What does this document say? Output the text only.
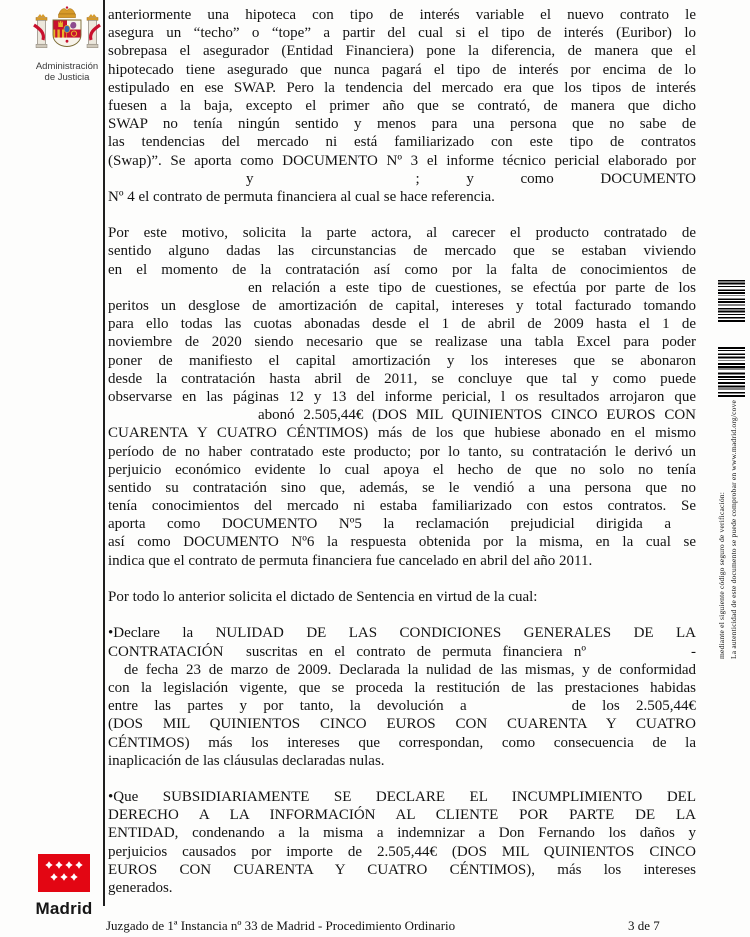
Administración
de Justicia
anteriormente una hipoteca con tipo de interés variable el nuevo contrato le
asegura un “techo” o “tope” a partir del cual si el tipo de interés (Euribor) lo
sobrepasa el asegurador (Entidad Financiera) pone la diferencia, de manera que el
hipotecado tiene asegurado que nunca pagará el tipo de interés por encima de lo
estipulado en ese SWAP. Pero la tendencia del mercado era que los tipos de interés
fuesen a la baja, excepto el primer año que se contrató, de manera que dicho
SWAP no tenía ningún sentido y menos para una persona que no sabe de
las tendencias del mercado ni está familiarizado con este tipo de contratos
(Swap)”. Se aporta como DOCUMENTO Nº 3 el informe técnico pericial elaborado por
y	; y como DOCUMENTO
Nº 4 el contrato de permuta financiera al cual se hace referencia.
Por este motivo, solicita la parte actora, al carecer el producto contratado de
sentido alguno dadas las circunstancias de mercado que se estaban viviendo
en el momento de la contratación así como por la falta de conocimientos de
en relación a este tipo de cuestiones, se efectúa por parte de los
peritos un desglose de amortización de capital, intereses y total facturado tomando
para ello todas las cuotas abonadas desde el 1 de abril de 2009 hasta el 1 de
noviembre de 2020 siendo necesario que se realizase una tabla Excel para poder
poner de manifiesto el capital amortización y los intereses que se abonaron
desde la contratación hasta abril de 2011, se concluye que tal y como puede
observarse en las páginas 12 y 13 del informe pericial, l os resultados arrojaron que
abonó 2.505,44€ (DOS MIL QUINIENTOS CINCO EUROS CON
CUARENTA Y CUATRO CÉNTIMOS) más de los que hubiese abonado en el mismo
período de no haber contratado este producto; por lo tanto, su contratación le derivó un
perjuicio económico evidente lo cual apoya el hecho de que no solo no tenía
sentido su contratación sino que, además, se le vendió a una persona que no
tenía conocimientos del mercado ni estaba familiarizado con estos contratos. Se
aporta como DOCUMENTO Nº5 la reclamación prejudicial dirigida a
así como DOCUMENTO Nº6 la respuesta obtenida por la misma, en la cual se
indica que el contrato de permuta financiera fue cancelado en abril del año 2011.
Por todo lo anterior solicita el dictado de Sentencia en virtud de la cual:
•Declare la NULIDAD DE LAS CONDICIONES GENERALES DE LA
CONTRATACIÓN  suscritas en el contrato de permuta financiera nº	-
de fecha 23 de marzo de 2009. Declarada la nulidad de las mismas, y de conformidad
con la legislación vigente, que se proceda la restitución de las prestaciones habidas
entre las partes y por tanto, la devolución a	de los 2.505,44€
(DOS MIL QUINIENTOS CINCO EUROS CON CUARENTA Y CUATRO
CÉNTIMOS) más los intereses que correspondan, como consecuencia de la
inaplicación de las cláusulas declaradas nulas.
•Que SUBSIDIARIAMENTE SE DECLARE EL INCUMPLIMIENTO DEL
DERECHO A LA INFORMACIÓN AL CLIENTE POR PARTE DE LA
ENTIDAD, condenando a la misma a indemnizar a Don Fernando los daños y
perjuicios causados por importe de 2.505,44€ (DOS MIL QUINIENTOS CINCO
EUROS CON CUARENTA Y CUATRO CÉNTIMOS), más los intereses
generados.
La autenticidad de este documento se puede comprobar en www.madrid.org/cove
mediante el siguiente código seguro de verificación:
Madrid
Juzgado de 1ª Instancia nº 33 de Madrid - Procedimiento Ordinario	3 de 7
